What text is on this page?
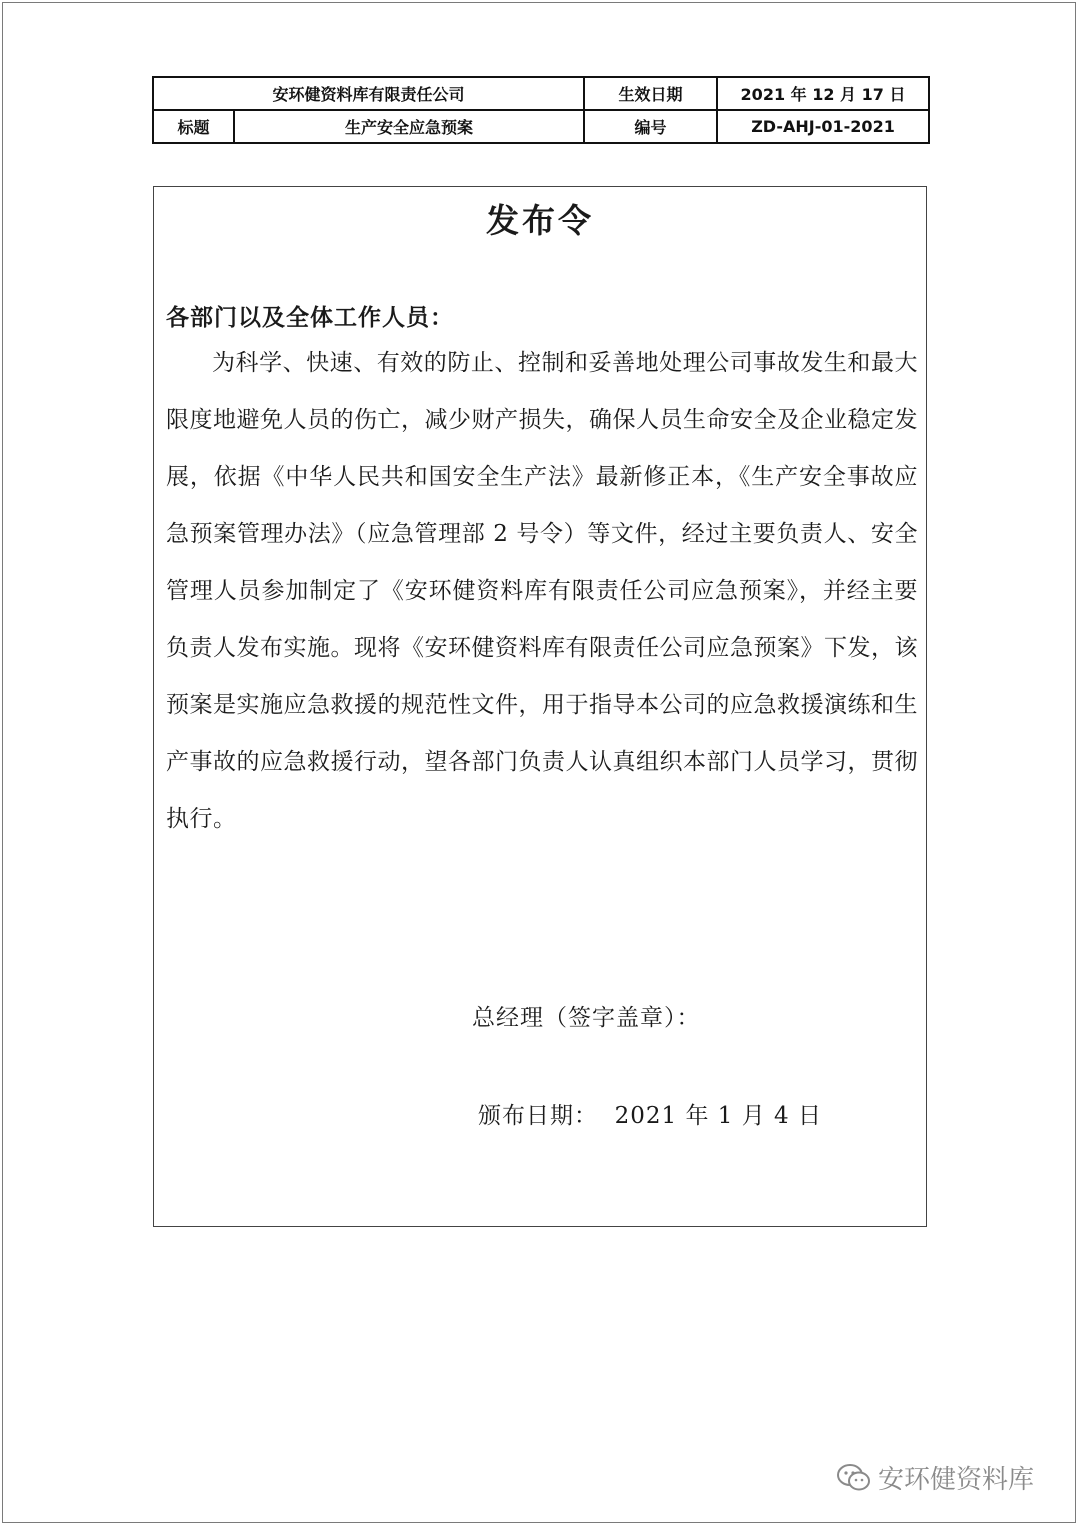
安环健资料库有限责任公司		生效日期	2021 年 12 月 17 日
标题	生产安全应急预案	编号	ZD-AHJ-01-2021
发布令
各部门以及全体工作人员：

为科学、快速、有效的防止、控制和妥善地处理公司事故发生和最大限度地避免人员的伤亡，减少财产损失，确保人员生命安全及企业稳定发展，依据《中华人民共和国安全生产法》最新修正本，《生产安全事故应急预案管理办法》（应急管理部 2 号令）等文件，经过主要负责人、安全管理人员参加制定了《安环健资料库有限责任公司应急预案》，并经主要负责人发布实施。现将《安环健资料库有限责任公司应急预案》下发，该预案是实施应急救援的规范性文件，用于指导本公司的应急救援演练和生产事故的应急救援行动，望各部门负责人认真组织本部门人员学习，贯彻执行。

总经理（签字盖章）：
颁布日期： 2021 年 1 月 4 日
安环健资料库
